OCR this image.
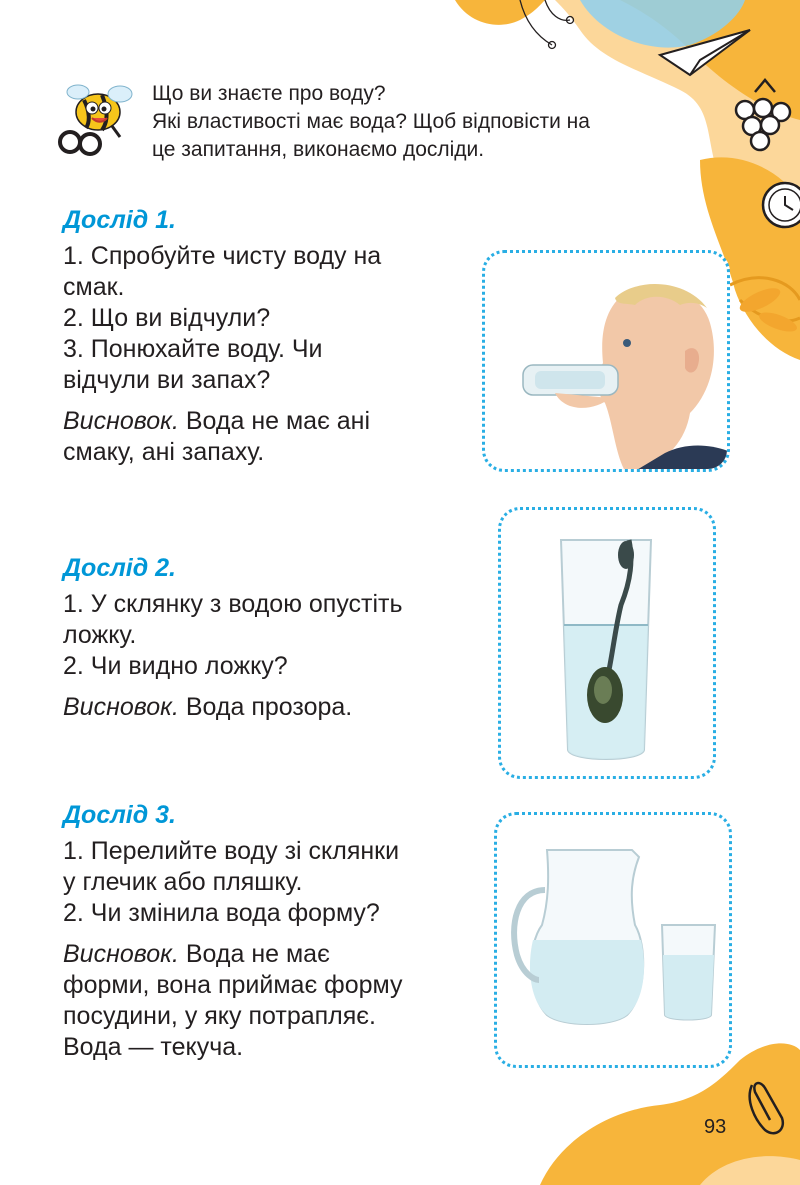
Що ви знаєте про воду?
Які властивості має вода? Щоб відповісти на
це запитання, виконаємо досліди.
Дослід 1.
1. Спробуйте чисту воду на
смак.
2. Що ви відчули?
3. Понюхайте воду. Чи
відчули ви запах?
Висновок. Вода не має ані
смаку, ані запаху.
Дослід 2.
1. У склянку з водою опустіть
ложку.
2. Чи видно ложку?
Висновок. Вода прозора.
Дослід 3.
1. Перелийте воду зі склянки
у глечик або пляшку.
2. Чи змінила вода форму?
Висновок. Вода не має
форми, вона приймає форму
посудини, у яку потрапляє.
Вода — текуча.
93
